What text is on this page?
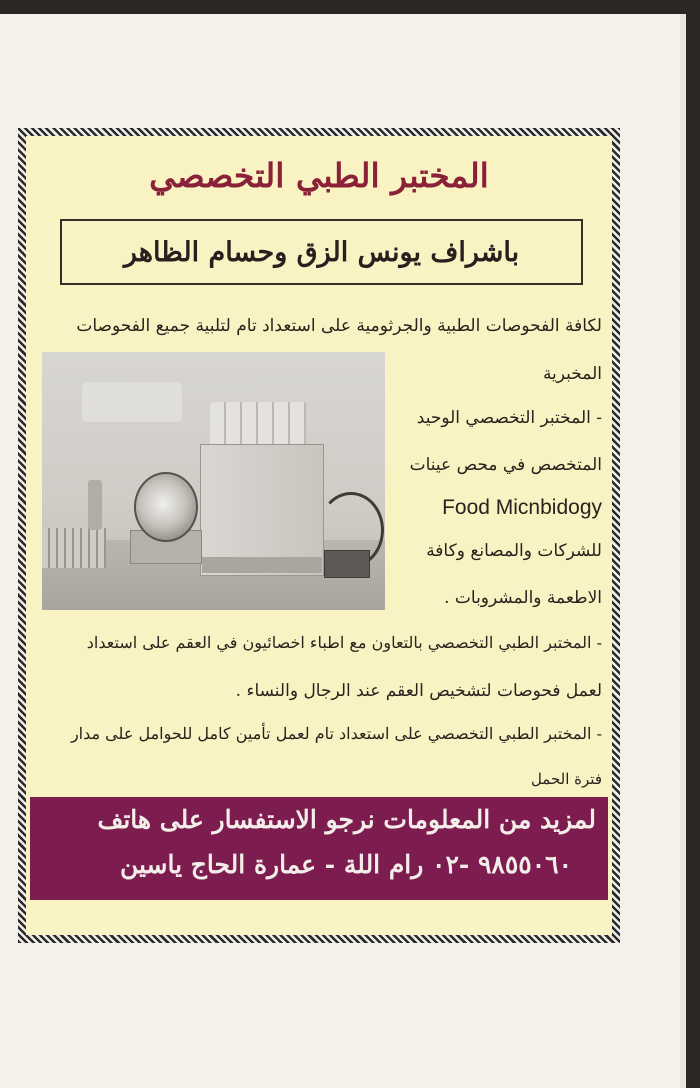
المختبر الطبي التخصصي
باشراف يونس الزق وحسام الظاهر
لكافة الفحوصات الطبية والجرثومية على استعداد تام لتلبية جميع الفحوصات
المخبرية
- المختبر التخصصي الوحيد
المتخصص في محص عينات
Food Micnbidogy
للشركات والمصانع وكافة
الاطعمة والمشروبات .
- المختبر الطبي التخصصي بالتعاون مع اطباء اخصائيون في العقم على استعداد
لعمل فحوصات لتشخيص العقم عند الرجال والنساء .
- المختبر الطبي التخصصي على استعداد تام لعمل تأمين كامل للحوامل على مدار
فترة الحمل
لمزيد من المعلومات نرجو الاستفسار على هاتف
٩٨٥٥٠٦٠ -٠٢ رام اللة - عمارة الحاج ياسين
